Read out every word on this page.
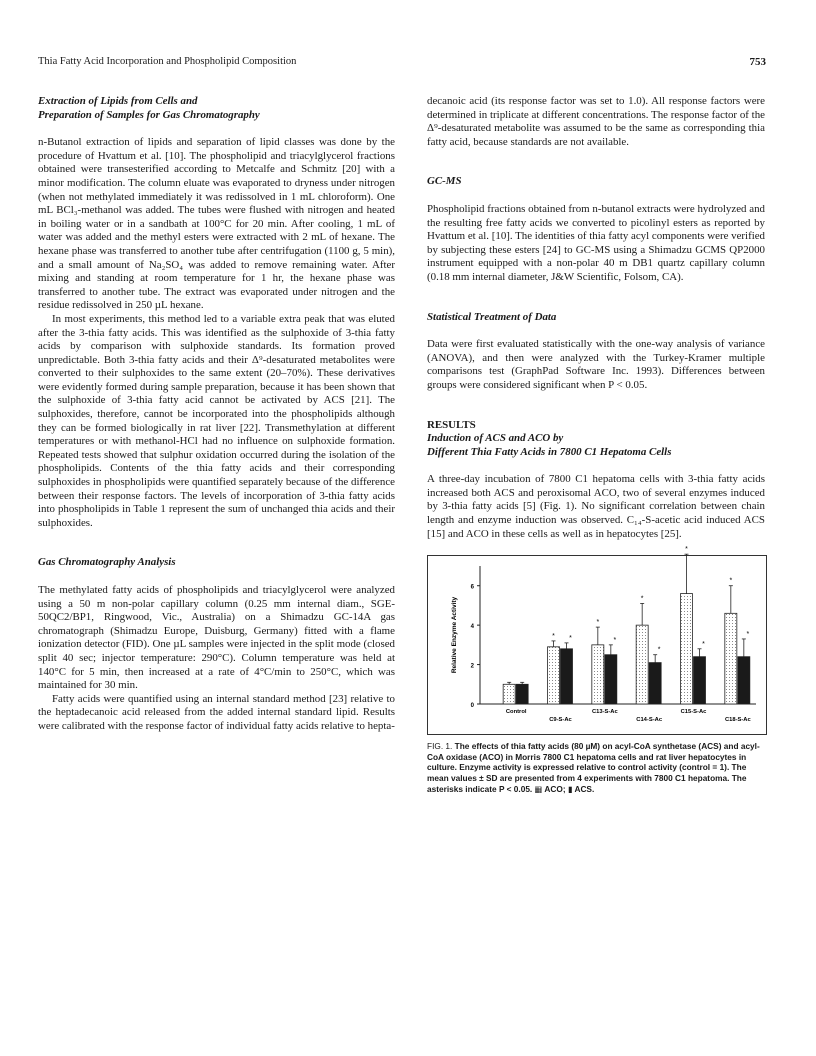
Thia Fatty Acid Incorporation and Phospholipid Composition	753

Extraction of Lipids from Cells and

Preparation of Samples for Gas Chromatography

n-Butanol extraction of lipids and separation of lipid classes was done by the procedure of Hvattum et al. [10]. The phospholipid and triacylglycerol fractions obtained were transesterified according to Metcalfe and Schmitz [20] with a minor modification. The column eluate was evaporated to dryness under nitrogen (when not methylated immediately it was redissolved in 1 mL chloroform). One mL BCl₃-methanol was added. The tubes were flushed with nitrogen and heated in boiling water or in a sandbath at 100°C for 20 min. After cooling, 1 mL of water was added and the methyl esters were extracted with 2 mL of hexane. The hexane phase was transferred to another tube after centrifugation (1100 g, 5 min), and a small amount of Na₂SO₄ was added to remove remaining water. After mixing and standing at room temperature for 1 hr, the hexane phase was transferred to another tube. The extract was evaporated under nitrogen and the residue redissolved in 250 µL hexane.

In most experiments, this method led to a variable extra peak that was eluted after the 3-thia fatty acids. This was identified as the sulphoxide of 3-thia fatty acids by comparison with sulphoxide standards. Its formation proved unpredictable. Both 3-thia fatty acids and their Δ⁹-desaturated metabolites were converted to their sulphoxides to the same extent (20–70%). These derivatives were evidently formed during sample preparation, because it has been shown that the sulphoxide of 3-thia fatty acid cannot be activated by ACS [21]. The sulphoxides, therefore, cannot be incorporated into the phospholipids although they can be formed biologically in rat liver [22]. Transmethylation at different temperatures or with methanol-HCl had no influence on sulphoxide formation. Repeated tests showed that sulphur oxidation occurred during the isolation of the phospholipids. Contents of the thia fatty acids and their corresponding sulphoxides in phospholipids were quantified separately because of the difference between their response factors. The levels of incorporation of 3-thia fatty acids into phospholipids in Table 1 represent the sum of unchanged thia acids and their sulphoxides.

Gas Chromatography Analysis

The methylated fatty acids of phospholipids and triacylglycerol were analyzed using a 50 m non-polar capillary column (0.25 mm internal diam., SGE-50QC2/BP1, Ringwood, Vic., Australia) on a Shimadzu GC-14A gas chromatograph (Shimadzu Europe, Duisburg, Germany) fitted with a flame ionization detector (FID). One µL samples were injected in the split mode (closed split 40 sec; injector temperature: 290°C). Column temperature was held at 140°C for 5 min, then increased at a rate of 4°C/min to 250°C, which was maintained for 30 min.

Fatty acids were quantified using an internal standard method [23] relative to the heptadecanoic acid released from the added internal standard lipid. Results were calibrated with the response factor of individual fatty acids relative to hepta-

decanoic acid (its response factor was set to 1.0). All response factors were determined in triplicate at different concentrations. The response factor of the Δ⁹-desaturated metabolite was assumed to be the same as corresponding thia fatty acid, because standards are not available.

GC-MS

Phospholipid fractions obtained from n-butanol extracts were hydrolyzed and the resulting free fatty acids we converted to picolinyl esters as reported by Hvattum et al. [10]. The identities of thia fatty acyl components were verified by subjecting these esters [24] to GC-MS using a Shimadzu GCMS QP2000 instrument equipped with a non-polar 40 m DB1 quartz capillary column (0.18 mm internal diameter, J&W Scientific, Folsom, CA).

Statistical Treatment of Data

Data were first evaluated statistically with the one-way analysis of variance (ANOVA), and then were analyzed with the Turkey-Kramer multiple comparisons test (GraphPad Software Inc. 1993). Differences between groups were considered significant when P < 0.05.

RESULTS

Induction of ACS and ACO by

Different Thia Fatty Acids in 7800 C1 Hepatoma Cells

A three-day incubation of 7800 C1 hepatoma cells with 3-thia fatty acids increased both ACS and peroxisomal ACO, two of several enzymes induced by 3-thia fatty acids [5] (Fig. 1). No significant correlation between chain length and enzyme induction was observed. C₁₄-S-acetic acid induced ACS [15] and ACO in these cells as well as in hepatocytes [25].

0
2
4
6
Relative Enzyme Activity
Control
* *
C9-S-Ac
*
*
C13-S-Ac
*
*
C14-S-Ac
*
*
C15-S-Ac
*
*
C18-S-Ac
FIG. 1. The effects of thia fatty acids (80 µM) on acyl-CoA synthetase (ACS) and acyl-CoA oxidase (ACO) in Morris 7800 C1 hepatoma cells and rat liver hepatocytes in culture. Enzyme activity is expressed relative to control activity (control = 1). The mean values ± SD are presented from 4 experiments with 7800 C1 hepatoma. The asterisks indicate P < 0.05. ▦ ACO; ▮ ACS.
